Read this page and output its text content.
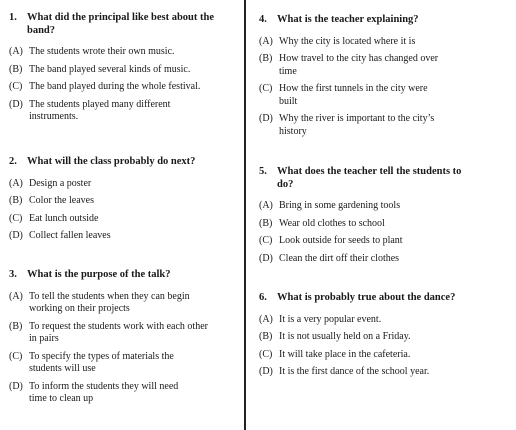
1. What did the principal like best about the band?
(A) The students wrote their own music.
(B) The band played several kinds of music.
(C) The band played during the whole festival.
(D) The students played many different instruments.
2. What will the class probably do next?
(A) Design a poster
(B) Color the leaves
(C) Eat lunch outside
(D) Collect fallen leaves
3. What is the purpose of the talk?
(A) To tell the students when they can begin working on their projects
(B) To request the students work with each other in pairs
(C) To specify the types of materials the students will use
(D) To inform the students they will need time to clean up
4. What is the teacher explaining?
(A) Why the city is located where it is
(B) How travel to the city has changed over time
(C) How the first tunnels in the city were built
(D) Why the river is important to the city’s history
5. What does the teacher tell the students to do?
(A) Bring in some gardening tools
(B) Wear old clothes to school
(C) Look outside for seeds to plant
(D) Clean the dirt off their clothes
6. What is probably true about the dance?
(A) It is a very popular event.
(B) It is not usually held on a Friday.
(C) It will take place in the cafeteria.
(D) It is the first dance of the school year.
